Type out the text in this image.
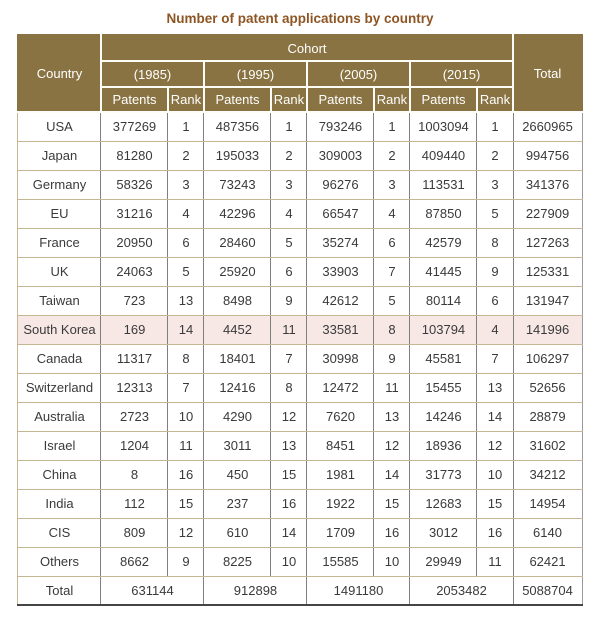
Number of patent applications by country
Country	Cohort								Total
	(1985)		(1995)		(2005)		(2015)		
	Patents	Rank	Patents	Rank	Patents	Rank	Patents	Rank	
USA	377269	1	487356	1	793246	1	1003094	1	2660965
Japan	81280	2	195033	2	309003	2	409440	2	994756
Germany	58326	3	73243	3	96276	3	113531	3	341376
EU	31216	4	42296	4	66547	4	87850	5	227909
France	20950	6	28460	5	35274	6	42579	8	127263
UK	24063	5	25920	6	33903	7	41445	9	125331
Taiwan	723	13	8498	9	42612	5	80114	6	131947
South Korea	169	14	4452	11	33581	8	103794	4	141996
Canada	11317	8	18401	7	30998	9	45581	7	106297
Switzerland	12313	7	12416	8	12472	11	15455	13	52656
Australia	2723	10	4290	12	7620	13	14246	14	28879
Israel	1204	11	3011	13	8451	12	18936	12	31602
China	8	16	450	15	1981	14	31773	10	34212
India	112	15	237	16	1922	15	12683	15	14954
CIS	809	12	610	14	1709	16	3012	16	6140
Others	8662	9	8225	10	15585	10	29949	11	62421
Total	631144		912898		1491180		2053482		5088704
